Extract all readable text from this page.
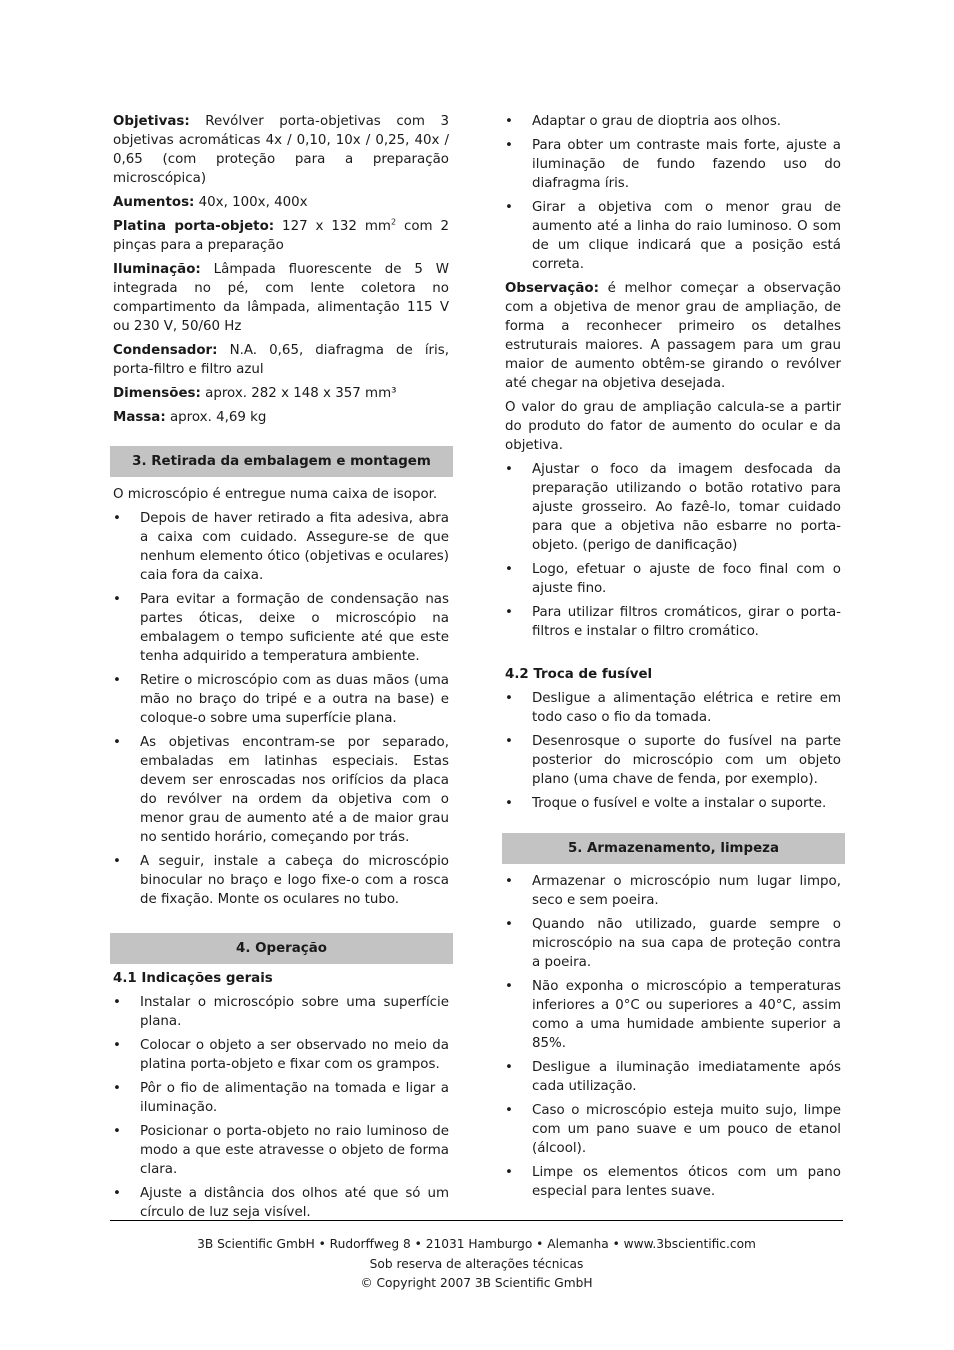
Objetivas: Revólver porta-objetivas com 3 objetivas acromáticas 4x / 0,10, 10x / 0,25, 40x / 0,65 (com proteção para a preparação microscópica)

Aumentos: 40x, 100x, 400x

Platina porta-objeto: 127 x 132 $mm^2$ com 2 pinças para a preparação

Iluminação: Lâmpada fluorescente de 5 W integrada no pé, com lente coletora no compartimento da lâmpada, alimentação 115 V ou 230 V, 50/60 Hz

Condensador: N.A. 0,65, diafragma de íris, porta-filtro e filtro azul

Dimensões: aprox. 282 x 148 x 357 mm³

Massa: aprox. 4,69 kg

3. Retirada da embalagem e montagem

O microscópio é entregue numa caixa de isopor.

• Depois de haver retirado a fita adesiva, abra a caixa com cuidado. Assegure-se de que nenhum elemento ótico (objetivas e oculares) caia fora da caixa.
• Para evitar a formação de condensação nas partes óticas, deixe o microscópio na embalagem o tempo suficiente até que este tenha adquirido a temperatura ambiente.
• Retire o microscópio com as duas mãos (uma mão no braço do tripé e a outra na base) e coloque-o sobre uma superfície plana.
• As objetivas encontram-se por separado, embaladas em latinhas especiais. Estas devem ser enroscadas nos orifícios da placa do revólver na ordem da objetiva com o menor grau de aumento até a de maior grau no sentido horário, começando por trás.
• A seguir, instale a cabeça do microscópio binocular no braço e logo fixe-o com a rosca de fixação. Monte os oculares no tubo.
4. Operação
4.1 Indicações gerais
• Instalar o microscópio sobre uma superfície plana.
• Colocar o objeto a ser observado no meio da platina porta-objeto e fixar com os grampos.
• Pôr o fio de alimentação na tomada e ligar a iluminação.
• Posicionar o porta-objeto no raio luminoso de modo a que este atravesse o objeto de forma clara.
• Ajuste a distância dos olhos até que só um círculo de luz seja visível.
• Adaptar o grau de dioptria aos olhos.
• Para obter um contraste mais forte, ajuste a iluminação de fundo fazendo uso do diafragma íris.
• Girar a objetiva com o menor grau de aumento até a linha do raio luminoso. O som de um clique indicará que a posição está correta.

Observação: é melhor começar a observação com a objetiva de menor grau de ampliação, de forma a reconhecer primeiro os detalhes estruturais maiores. A passagem para um grau maior de aumento obtêm-se girando o revólver até chegar na objetiva desejada.

O valor do grau de ampliação calcula-se a partir do produto do fator de aumento do ocular e da objetiva.

• Ajustar o foco da imagem desfocada da preparação utilizando o botão rotativo para ajuste grosseiro. Ao fazê-lo, tomar cuidado para que a objetiva não esbarre no porta-objeto. (perigo de danificação)
• Logo, efetuar o ajuste de foco final com o ajuste fino.
• Para utilizar filtros cromáticos, girar o porta-filtros e instalar o filtro cromático.
4.2 Troca de fusível
• Desligue a alimentação elétrica e retire em todo caso o fio da tomada.
• Desenrosque o suporte do fusível na parte posterior do microscópio com um objeto plano (uma chave de fenda, por exemplo).
• Troque o fusível e volte a instalar o suporte.
5. Armazenamento, limpeza
• Armazenar o microscópio num lugar limpo, seco e sem poeira.
• Quando não utilizado, guarde sempre o microscópio na sua capa de proteção contra a poeira.
• Não exponha o microscópio a temperaturas inferiores a 0°C ou superiores a 40°C, assim como a uma humidade ambiente superior a 85%.
• Desligue a iluminação imediatamente após cada utilização.
• Caso o microscópio esteja muito sujo, limpe com um pano suave e um pouco de etanol (álcool).
• Limpe os elementos óticos com um pano especial para lentes suave.
3B Scientific GmbH • Rudorffweg 8 • 21031 Hamburgo • Alemanha • www.3bscientific.com
Sob reserva de alterações técnicas
© Copyright 2007 3B Scientific GmbH
